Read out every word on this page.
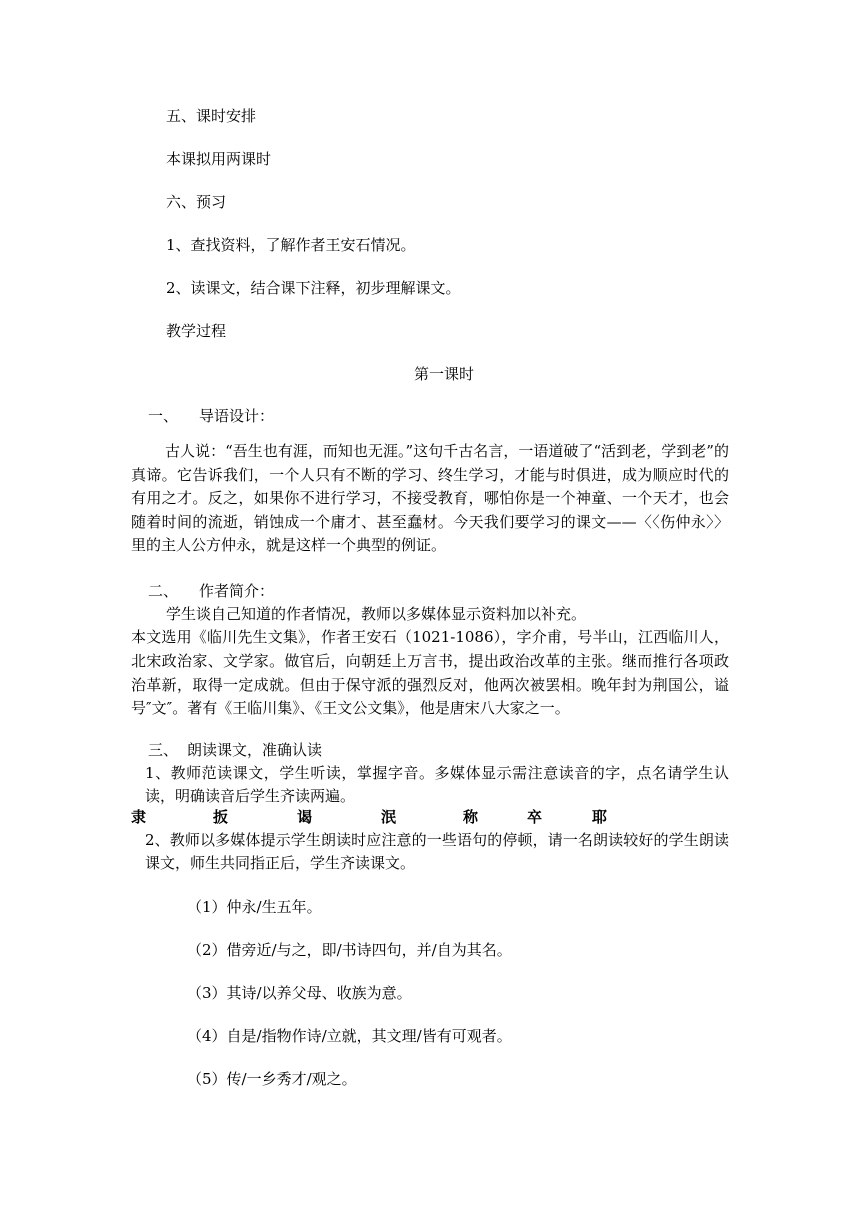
五、课时安排
本课拟用两课时
六、预习
1、查找资料，了解作者王安石情况。
2、读课文，结合课下注释，初步理解课文。
教学过程
第一课时
一、 导语设计：
古人说：“吾生也有涯，而知也无涯。”这句千古名言，一语道破了“活到老，学到老”的真谛。它告诉我们，一个人只有不断的学习、终生学习，才能与时俱进，成为顺应时代的有用之才。反之，如果你不进行学习，不接受教育，哪怕你是一个神童、一个天才，也会随着时间的流逝，销蚀成一个庸才、甚至蠢材。今天我们要学习的课文——〈〈伤仲永〉〉里的主人公方仲永，就是这样一个典型的例证。
二、 作者简介：
学生谈自己知道的作者情况，教师以多媒体显示资料加以补充。
本文选用《临川先生文集》，作者王安石（1021-1086），字介甫，号半山，江西临川人，北宋政治家、文学家。做官后，向朝廷上万言书，提出政治改革的主张。继而推行各项政治革新，取得一定成就。但由于保守派的强烈反对，他两次被罢相。晚年封为荆国公，谥号″文″。著有《王临川集》、《王文公文集》，他是唐宋八大家之一。
三、 朗读课文，准确认读
1、教师范读课文，学生听读，掌握字音。多媒体显示需注意读音的字，点名请学生认读，明确读音后学生齐读两遍。
隶	扳	谒	泯	称	卒	耶
2、教师以多媒体提示学生朗读时应注意的一些语句的停顿，请一名朗读较好的学生朗读课文，师生共同指正后，学生齐读课文。
（1）仲永/生五年。
（2）借旁近/与之，即/书诗四句，并/自为其名。
（3）其诗/以养父母、收族为意。
（4）自是/指物作诗/立就，其文理/皆有可观者。
（5）传/一乡秀才/观之。
